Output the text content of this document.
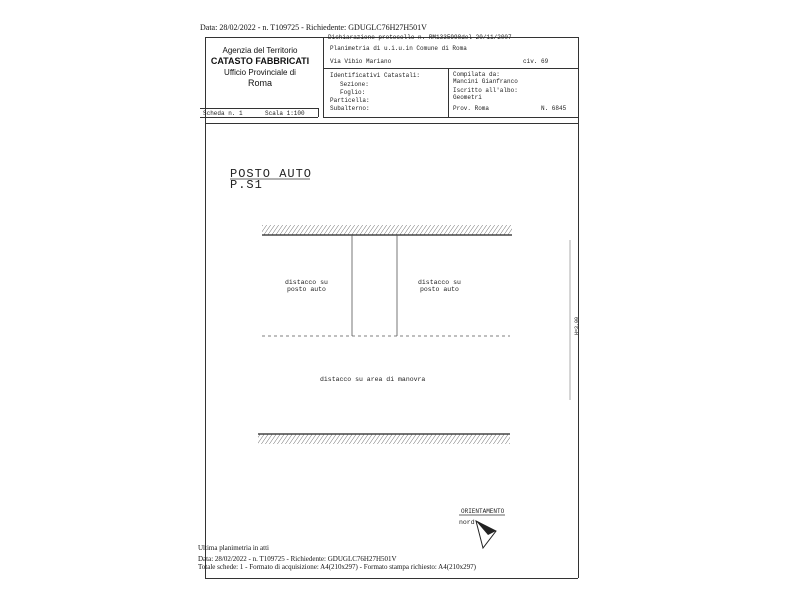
Data: 28/02/2022 - n. T109725 - Richiedente: GDUGLC76H27H501V
Agenzia del Territorio
CATASTO FABBRICATI
Ufficio Provinciale di
Roma
Dichiarazione protocollo n. RM1335998del 20/11/2007
Planimetria di u.i.u.in Comune di Roma
Via Vibio Mariano	civ. 69
Identificativi Catastali:
Sezione:
Foglio:
Particella:
Subalterno:
Compilata da:
Mancini Gianfranco
Iscritto all'albo:
Geometri
Prov. Roma	N. 6845
Scheda n. 1	Scala 1:100
POSTO AUTO
P.S1
distacco su
posto auto
distacco su
posto auto
distacco su area di manovra
ORIENTAMENTO
nord
H=3,00
Ultima planimetria in atti
Data: 28/02/2022 - n. T109725 - Richiedente: GDUGLC76H27H501V
Totale schede: 1 - Formato di acquisizione: A4(210x297) - Formato stampa richiesto: A4(210x297)
